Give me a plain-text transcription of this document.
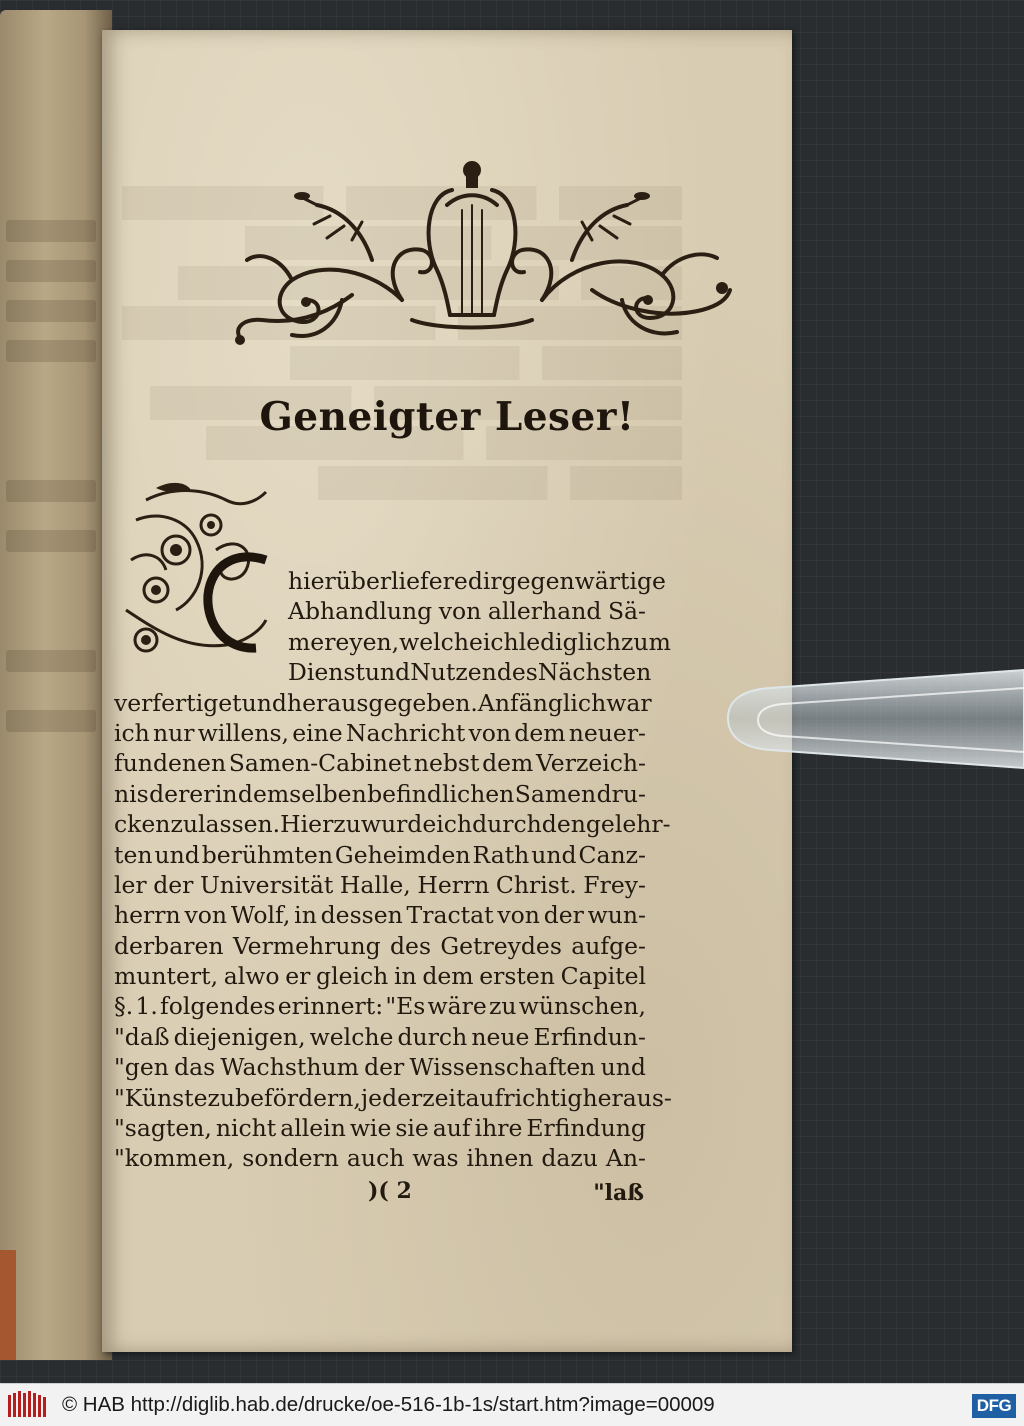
Geneigter Leser!
hier überliefere dir gegenwärtige
Abhandlung von allerhand Sä-
mereyen, welche ich lediglich zum
Dienst und Nutzen des Nächsten
verfertiget und heraus gegeben. Anfänglich war
ich nur willens, eine Nachricht von dem neuer-
fundenen Samen-Cabinet nebst dem Verzeich-
nis derer in demselben befindlichen Samen dru-
cken zu lassen. Hierzu wurde ich durch den gelehr-
ten und berühmten Geheimden Rath und Canz-
ler der Universität Halle, Herrn Christ. Frey-
herrn von Wolf, in dessen Tractat von der wun-
derbaren Vermehrung des Getreydes aufge-
muntert, alwo er gleich in dem ersten Capitel
§. 1. folgendes erinnert: "Es wäre zu wünschen,
"daß diejenigen, welche durch neue Erfindun-
"gen das Wachsthum der Wissenschaften und
"Künste zu befördern, jederzeit aufrichtig heraus-
"sagten, nicht allein wie sie auf ihre Erfindung
"kommen, sondern auch was ihnen dazu An-
)( 2	"laß
© HAB http://diglib.hab.de/drucke/oe-516-1b-1s/start.htm?image=00009	DFG
